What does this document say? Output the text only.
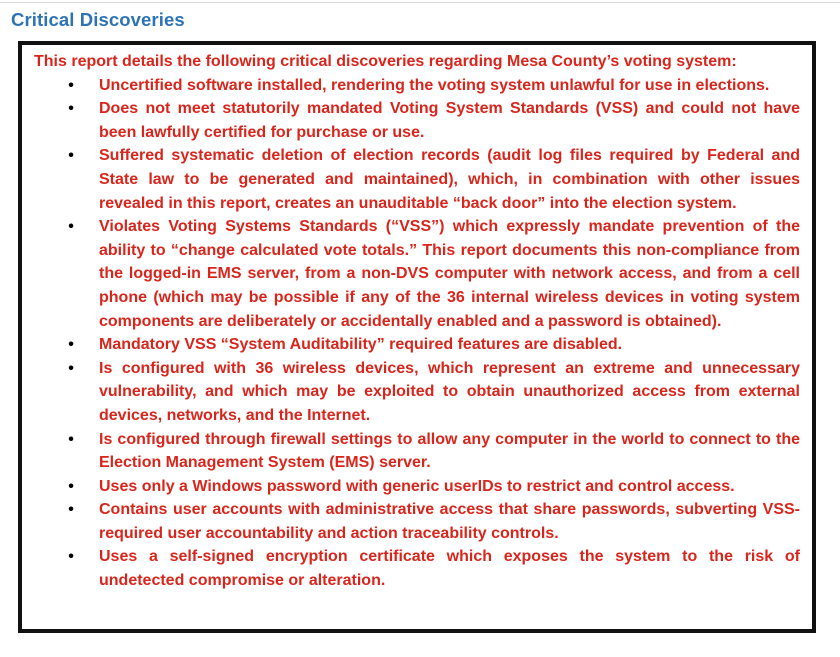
Critical Discoveries

This report details the following critical discoveries regarding Mesa County’s voting system:

• Uncertified software installed, rendering the voting system unlawful for use in elections.
• Does not meet statutorily mandated Voting System Standards (VSS) and could not have been lawfully certified for purchase or use.
• Suffered systematic deletion of election records (audit log files required by Federal and State law to be generated and maintained), which, in combination with other issues revealed in this report, creates an unauditable “back door” into the election system.
• Violates Voting Systems Standards (“VSS”) which expressly mandate prevention of the ability to “change calculated vote totals.” This report documents this non-compliance from the logged-in EMS server, from a non-DVS computer with network access, and from a cell phone (which may be possible if any of the 36 internal wireless devices in voting system components are deliberately or accidentally enabled and a password is obtained).
• Mandatory VSS “System Auditability” required features are disabled.
• Is configured with 36 wireless devices, which represent an extreme and unnecessary vulnerability, and which may be exploited to obtain unauthorized access from external devices, networks, and the Internet.
• Is configured through firewall settings to allow any computer in the world to connect to the Election Management System (EMS) server.
• Uses only a Windows password with generic userIDs to restrict and control access.
• Contains user accounts with administrative access that share passwords, subverting VSS-required user accountability and action traceability controls.
• Uses a self-signed encryption certificate which exposes the system to the risk of undetected compromise or alteration.
